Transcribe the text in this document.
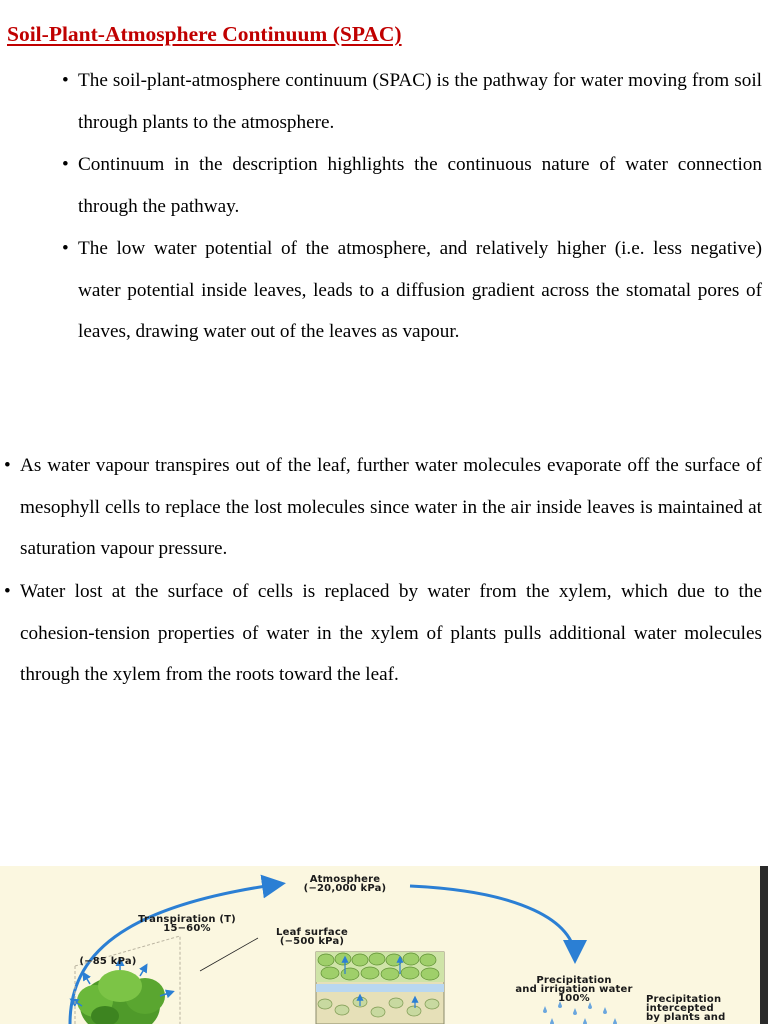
Soil-Plant-Atmosphere Continuum (SPAC)
• The soil-plant-atmosphere continuum (SPAC) is the pathway for water moving from soil through plants to the atmosphere.
• Continuum in the description highlights the continuous nature of water connection through the pathway.
• The low water potential of the atmosphere, and relatively higher (i.e. less negative) water potential inside leaves, leads to a diffusion gradient across the stomatal pores of leaves, drawing water out of the leaves as vapour.
• As water vapour transpires out of the leaf, further water molecules evaporate off the surface of mesophyll cells to replace the lost molecules since water in the air inside leaves is maintained at saturation vapour pressure.
• Water lost at the surface of cells is replaced by water from the xylem, which due to the cohesion-tension properties of water in the xylem of plants pulls additional water molecules through the xylem from the roots toward the leaf.
Atmosphere
(−20,000 kPa)
Transpiration (T)
15−60%	Leaf surface
(−500 kPa)
(−85 kPa)
Precipitation
and irrigation water
100%	Precipitation
intercepted
by plants and
